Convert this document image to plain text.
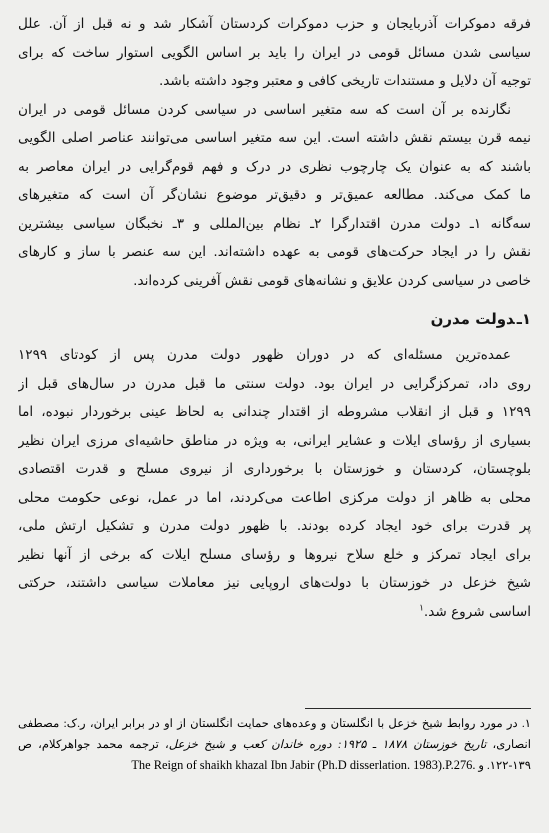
فرقه دموکرات آذربایجان و حزب دموکرات کردستان آشکار شد و نه قبل از آن. علل
سیاسی شدن مسائل قومی در ایران را باید بر اساس الگویی استوار ساخت که برای
توجیه آن دلایل و مستندات تاریخی کافی و معتبر وجود داشته باشد.
نگارنده بر آن است که سه متغیر اساسی در سیاسی کردن مسائل قومی در ایران
نیمه قرن بیستم نقش داشته است. این سه متغیر اساسی می‌توانند عناصر اصلی الگویی
باشند که به عنوان یک چارچوب نظری در درک و فهم قوم‌گرایی در ایران معاصر به
ما کمک می‌کند. مطالعه عمیق‌تر و دقیق‌تر موضوع نشان‌گر آن است که متغیرهای
سه‌گانه ۱ـ دولت مدرن اقتدارگرا ۲ـ نظام بین‌المللی و ۳ـ نخبگان سیاسی بیشترین
نقش را در ایجاد حرکت‌های قومی به عهده داشته‌اند. این سه عنصر با ساز و کارهای
خاصی در سیاسی کردن علایق و نشانه‌های قومی نقش آفرینی کرده‌اند.
۱ـدولت مدرن
عمده‌ترین مسئله‌ای که در دوران ظهور دولت مدرن پس از کودتای ۱۲۹۹
روی داد، تمرکزگرایی در ایران بود. دولت سنتی ما قبل مدرن در سال‌های قبل از
۱۲۹۹ و قبل از انقلاب مشروطه از اقتدار چندانی به لحاظ عینی برخوردار نبوده، اما
بسیاری از رؤسای ایلات و عشایر ایرانی، به ویژه در مناطق حاشیه‌ای مرزی ایران نظیر
بلوچستان، کردستان و خوزستان با برخورداری از نیروی مسلح و قدرت اقتصادی
محلی به ظاهر از دولت مرکزی اطاعت می‌کردند، اما در عمل، نوعی حکومت محلی
پر قدرت برای خود ایجاد کرده بودند. با ظهور دولت مدرن و تشکیل ارتش ملی،
برای ایجاد تمرکز و خلع سلاح نیروها و رؤسای مسلح ایلات که برخی از آنها نظیر
شیخ خزعل در خوزستان با دولت‌های اروپایی نیز معاملات سیاسی داشتند، حرکتی
اساسی شروع شد.$^۱$
۱. در مورد روابط شیخ خزعل با انگلستان و وعده‌های حمایت انگلستان از او در برابر ایران، ر.ک: مصطفی
انصاری، تاریخ خوزستان ۱۸۷۸ ـ ۱۹۲۵: دوره خاندان کعب و شیخ خزعل، ترجمه محمد جواهرکلام، ص
۱۲۲-۱۳۹. و The Reign of shaikh khazal Ibn Jabir (Ph.D disserlation. 1983).P.276.
